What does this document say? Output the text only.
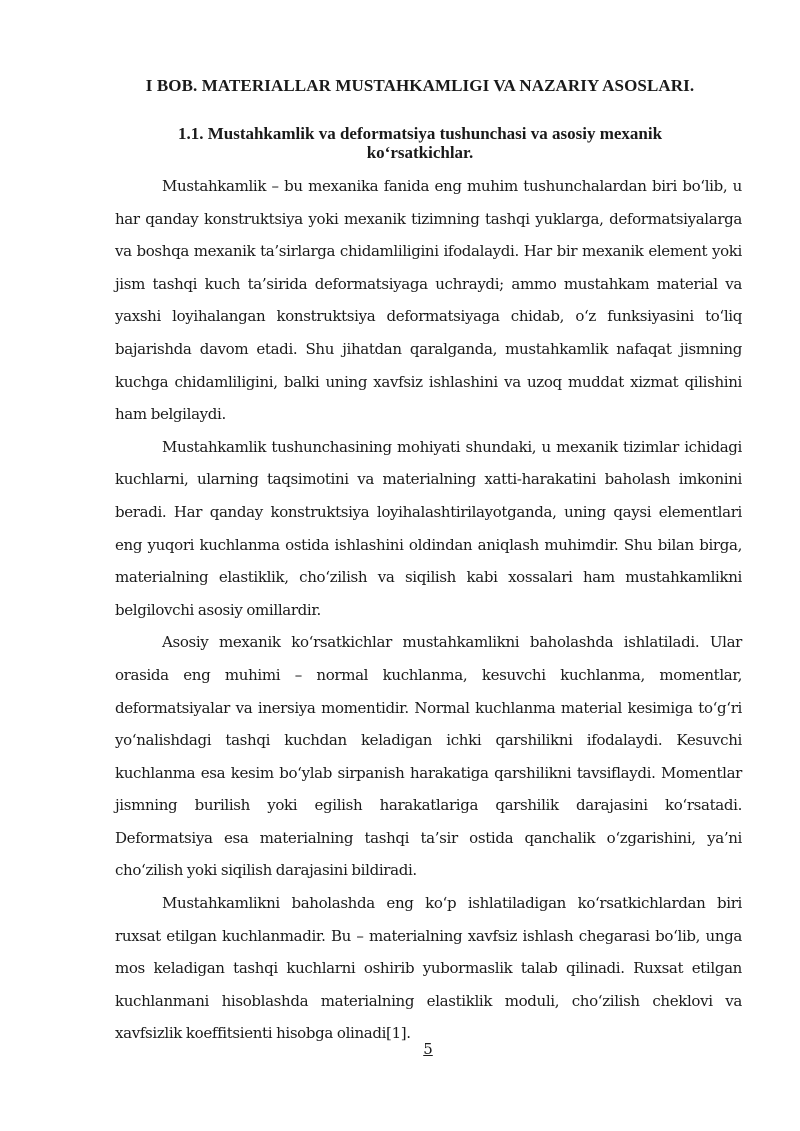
I BOB. MATERIALLAR MUSTAHKAMLIGI VA NAZARIY ASOSLARI.
1.1. Mustahkamlik va deformatsiya tushunchasi va asosiy mexanik ko‘rsatkichlar.

Mustahkamlik – bu mexanika fanida eng muhim tushunchalardan biri bo‘lib, u har qanday konstruktsiya yoki mexanik tizimning tashqi yuklarga, deformatsiyalarga va boshqa mexanik ta’sirlarga chidamliligini ifodalaydi. Har bir mexanik element yoki jism tashqi kuch ta’sirida deformatsiyaga uchraydi; ammo mustahkam material va yaxshi loyihalangan konstruktsiya deformatsiyaga chidab, o‘z funksiyasini to‘liq bajarishda davom etadi. Shu jihatdan qaralganda, mustahkamlik nafaqat jismning kuchga chidamliligini, balki uning xavfsiz ishlashini va uzoq muddat xizmat qilishini ham belgilaydi.

Mustahkamlik tushunchasining mohiyati shundaki, u mexanik tizimlar ichidagi kuchlarni, ularning taqsimotini va materialning xatti-harakatini baholash imkonini beradi. Har qanday konstruktsiya loyihalashtirilayotganda, uning qaysi elementlari eng yuqori kuchlanma ostida ishlashini oldindan aniqlash muhimdir. Shu bilan birga, materialning elastiklik, cho‘zilish va siqilish kabi xossalari ham mustahkamlikni belgilovchi asosiy omillardir.

Asosiy mexanik ko‘rsatkichlar mustahkamlikni baholashda ishlatiladi. Ular orasida eng muhimi – normal kuchlanma, kesuvchi kuchlanma, momentlar, deformatsiyalar va inersiya momentidir. Normal kuchlanma material kesimiga to‘g‘ri yo‘nalishdagi tashqi kuchdan keladigan ichki qarshilikni ifodalaydi. Kesuvchi kuchlanma esa kesim bo‘ylab sirpanish harakatiga qarshilikni tavsiflaydi. Momentlar jismning burilish yoki egilish harakatlariga qarshilik darajasini ko‘rsatadi. Deformatsiya esa materialning tashqi ta’sir ostida qanchalik o‘zgarishini, ya’ni cho‘zilish yoki siqilish darajasini bildiradi.

Mustahkamlikni baholashda eng ko‘p ishlatiladigan ko‘rsatkichlardan biri ruxsat etilgan kuchlanmadir. Bu – materialning xavfsiz ishlash chegarasi bo‘lib, unga mos keladigan tashqi kuchlarni oshirib yubormaslik talab qilinadi. Ruxsat etilgan kuchlanmani hisoblashda materialning elastiklik moduli, cho‘zilish cheklovi va xavfsizlik koeffitsienti hisobga olinadi[1].

5
